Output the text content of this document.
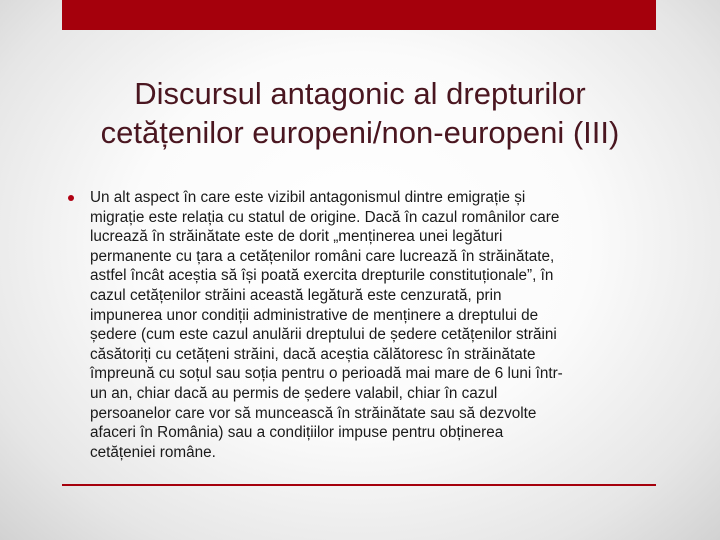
Discursul antagonic al drepturilor
cetățenilor europeni/non-europeni (III)
Un alt aspect în care este vizibil antagonismul dintre emigrație și
migrație este relația cu statul de origine. Dacă în cazul românilor care
lucrează în străinătate este de dorit „menținerea unei legături
permanente cu țara a cetățenilor români care lucrează în străinătate,
astfel încât aceștia să își poată exercita drepturile constituționale”, în
cazul cetățenilor străini această legătură este cenzurată, prin
impunerea unor condiții administrative de menținere a dreptului de
ședere (cum este cazul anulării dreptului de ședere cetățenilor străini
căsătoriți cu cetățeni străini, dacă aceștia călătoresc în străinătate
împreună cu soțul sau soția pentru o perioadă mai mare de 6 luni într-
un an, chiar dacă au permis de ședere valabil, chiar în cazul
persoanelor care vor să muncească în străinătate sau să dezvolte
afaceri în România) sau a condițiilor impuse pentru obținerea
cetățeniei române.
